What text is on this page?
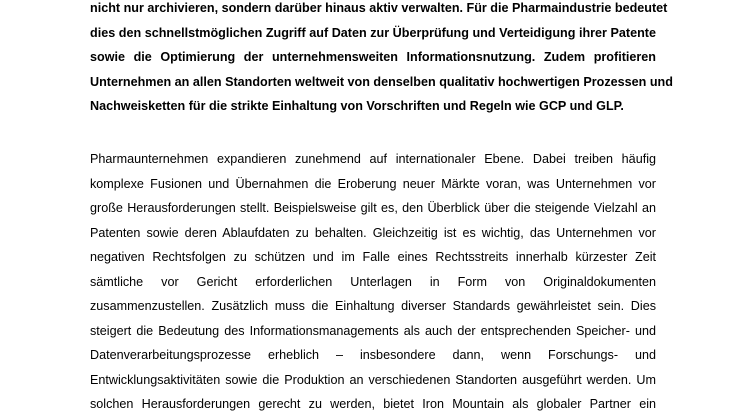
nicht nur archivieren, sondern darüber hinaus aktiv verwalten. Für die Pharmaindustrie bedeutet
dies den schnellstmöglichen Zugriff auf Daten zur Überprüfung und Verteidigung ihrer Patente
sowie die Optimierung der unternehmensweiten Informationsnutzung. Zudem profitieren
Unternehmen an allen Standorten weltweit von denselben qualitativ hochwertigen Prozessen und
Nachweisketten für die strikte Einhaltung von Vorschriften und Regeln wie GCP und GLP.
Pharmaunternehmen expandieren zunehmend auf internationaler Ebene. Dabei treiben häufig
komplexe Fusionen und Übernahmen die Eroberung neuer Märkte voran, was Unternehmen vor
große Herausforderungen stellt. Beispielsweise gilt es, den Überblick über die steigende Vielzahl an
Patenten sowie deren Ablaufdaten zu behalten. Gleichzeitig ist es wichtig, das Unternehmen vor
negativen Rechtsfolgen zu schützen und im Falle eines Rechtsstreits innerhalb kürzester Zeit
sämtliche vor Gericht erforderlichen Unterlagen in Form von Originaldokumenten
zusammenzustellen. Zusätzlich muss die Einhaltung diverser Standards gewährleistet sein. Dies
steigert die Bedeutung des Informationsmanagements als auch der entsprechenden Speicher- und
Datenverarbeitungsprozesse erheblich – insbesondere dann, wenn Forschungs- und
Entwicklungsaktivitäten sowie die Produktion an verschiedenen Standorten ausgeführt werden. Um
solchen Herausforderungen gerecht zu werden, bietet Iron Mountain als globaler Partner ein
